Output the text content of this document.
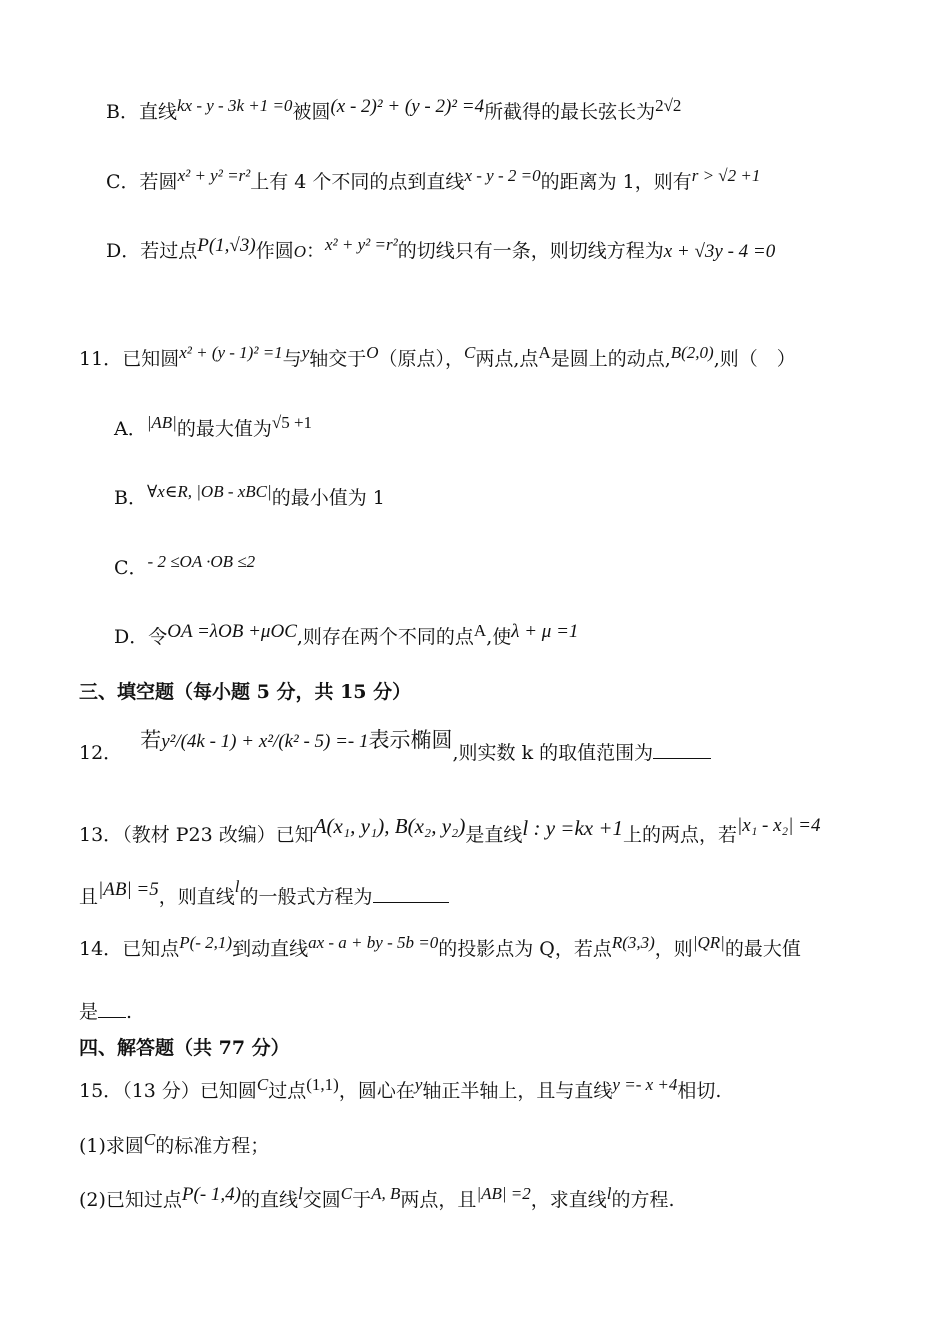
B．直线kx - y - 3k +1 =0被圆(x - 2)² + (y - 2)² =4所截得的最长弦长为2√2
C．若圆x² + y² =r²上有 4 个不同的点到直线x - y - 2 =0的距离为 1，则有r > √2 +1
D．若过点P(1,√3)作圆O：x² + y² =r²的切线只有一条，则切线方程为x + √3y - 4 =0
11．已知圆x² + (y - 1)² =1与y轴交于O（原点），C两点,点A是圆上的动点,B(2,0),则（　）
A．|AB|的最大值为√5 +1
B．∀x∈R, |OB - xBC|的最小值为 1
C．- 2 ≤OA ·OB ≤2
D．令OA =λOB +μOC,则存在两个不同的点A,使λ + μ =1
三、填空题（每小题 5 分，共 15 分）
12．若y²/(4k - 1) + x²/(k² - 5) =- 1表示椭圆,则实数 k 的取值范围为
13．（教材 P23 改编）已知A(x₁, y₁), B(x₂, y₂)是直线l : y =kx +1上的两点，若|x₁ - x₂| =4
且|AB| =5，则直线l的一般式方程为
14．已知点P(- 2,1)到动直线ax - a + by - 5b =0的投影点为 Q，若点R(3,3)，则|QR|的最大值
是 .
四、解答题（共 77 分）
15．（13 分）已知圆C过点(1,1)，圆心在y轴正半轴上，且与直线y =- x +4相切.
(1)求圆C的标准方程；
(2)已知过点P(- 1,4)的直线l交圆C于A, B两点，且|AB| =2，求直线l的方程.
